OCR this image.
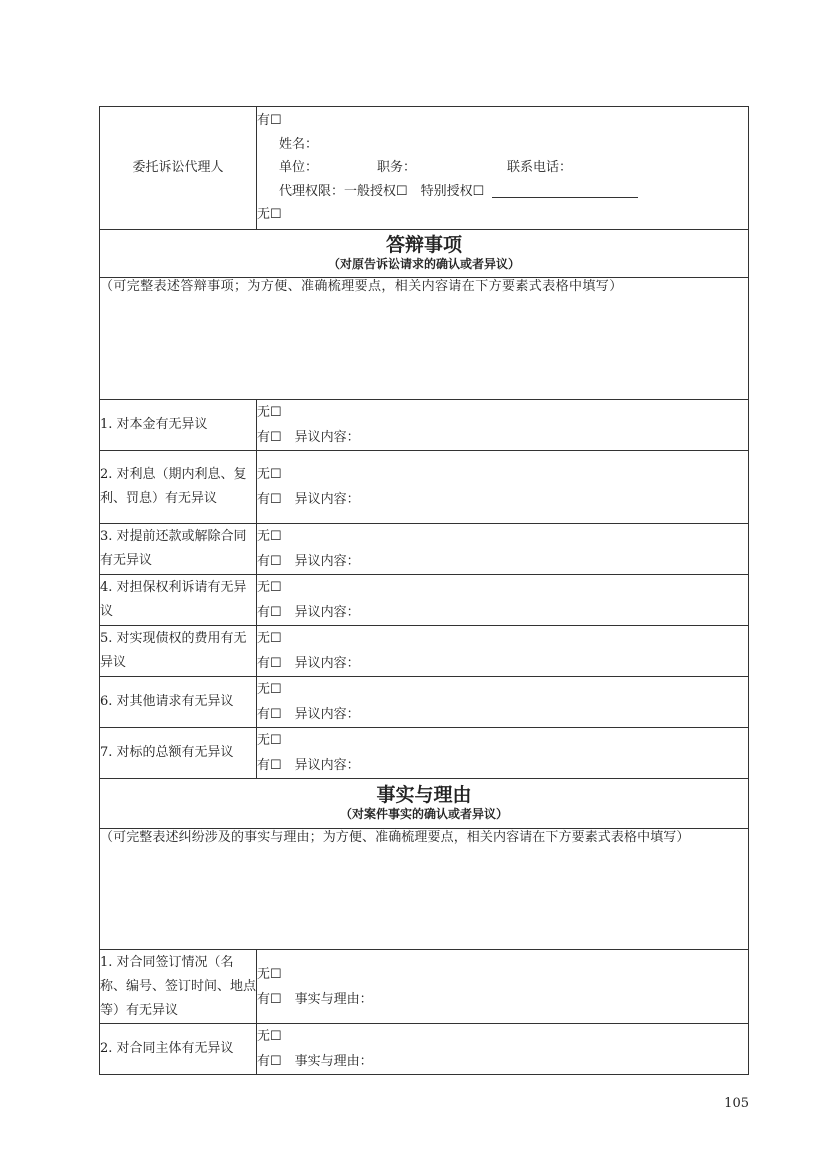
委托诉讼代理人	有☐
姓名：
单位： 职务： 联系电话：
代理权限：一般授权☐　特别授权☐
无☐

答辩事项
（对原告诉讼请求的确认或者异议）	

（可完整表述答辩事项；为方便、准确梳理要点，相关内容请在下方要素式表格中填写）	
1. 对本金有无异议	无☐
有☐　异议内容：

2. 对利息（期内利息、复利、罚息）有无异议	无☐
有☐　异议内容：

3. 对提前还款或解除合同有无异议	无☐
有☐　异议内容：

4. 对担保权利诉请有无异议	无☐
有☐　异议内容：

5. 对实现债权的费用有无异议	无☐
有☐　异议内容：

6. 对其他请求有无异议	无☐
有☐　异议内容：

7. 对标的总额有无异议	无☐
有☐　异议内容：

事实与理由
（对案件事实的确认或者异议）	

（可完整表述纠纷涉及的事实与理由；为方便、准确梳理要点，相关内容请在下方要素式表格中填写）	
1. 对合同签订情况（名称、编号、签订时间、地点等）有无异议	无☐
有☐　事实与理由：

2. 对合同主体有无异议	无☐
有☐　事实与理由：
105
